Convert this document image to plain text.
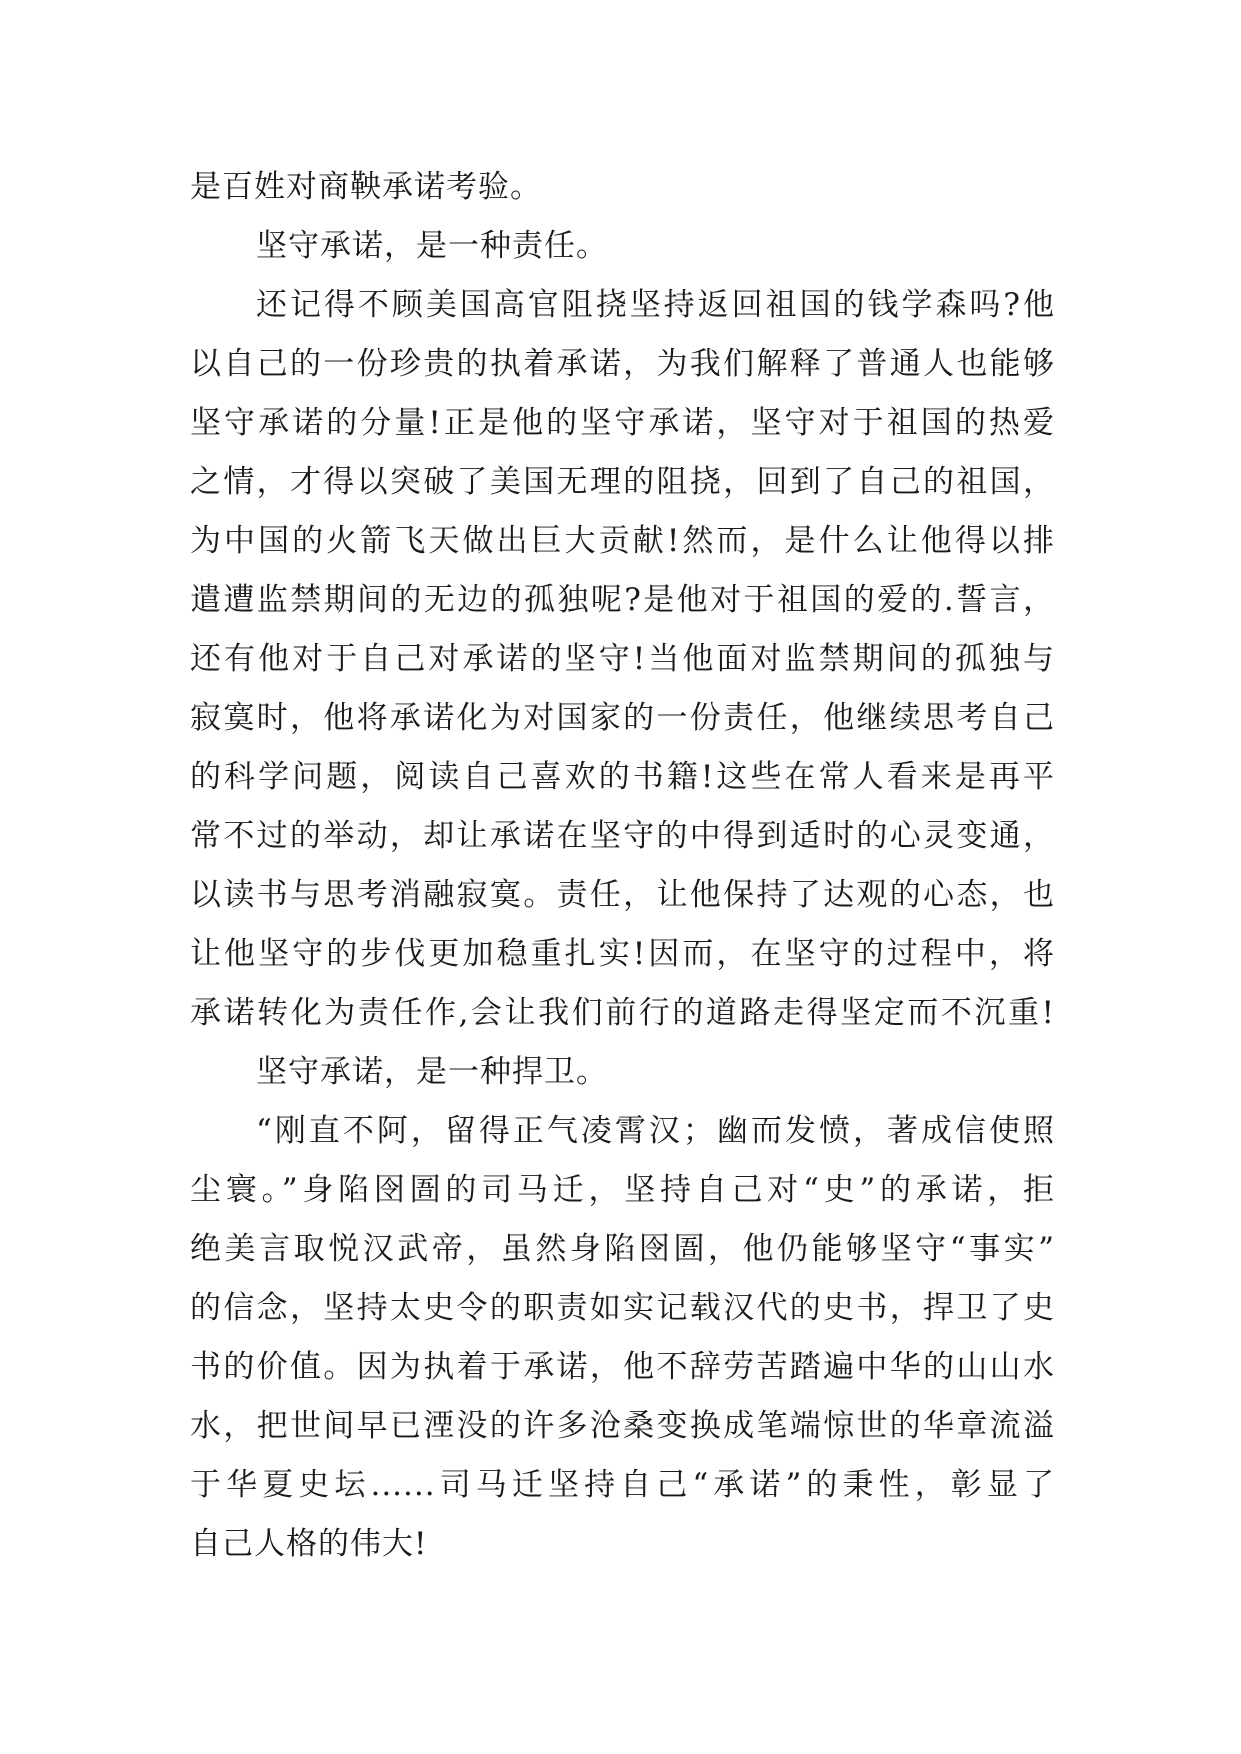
是百姓对商鞅承诺考验。
坚守承诺，是一种责任。
还记得不顾美国高官阻挠坚持返回祖国的钱学森吗?他
以自己的一份珍贵的执着承诺，为我们解释了普通人也能够
坚守承诺的分量!正是他的坚守承诺，坚守对于祖国的热爱
之情，才得以突破了美国无理的阻挠，回到了自己的祖国，
为中国的火箭飞天做出巨大贡献!然而，是什么让他得以排
遣遭监禁期间的无边的孤独呢?是他对于祖国的爱的.誓言，
还有他对于自己对承诺的坚守!当他面对监禁期间的孤独与
寂寞时，他将承诺化为对国家的一份责任，他继续思考自己
的科学问题，阅读自己喜欢的书籍!这些在常人看来是再平
常不过的举动，却让承诺在坚守的中得到适时的心灵变通，
以读书与思考消融寂寞。责任，让他保持了达观的心态，也
让他坚守的步伐更加稳重扎实!因而，在坚守的过程中，将
承诺转化为责任作,会让我们前行的道路走得坚定而不沉重!
坚守承诺，是一种捍卫。
“刚直不阿，留得正气凌霄汉；幽而发愤，著成信使照
尘寰。”身陷囹圄的司马迁，坚持自己对“史”的承诺，拒
绝美言取悦汉武帝，虽然身陷囹圄，他仍能够坚守“事实”
的信念，坚持太史令的职责如实记载汉代的史书，捍卫了史
书的价值。因为执着于承诺，他不辞劳苦踏遍中华的山山水
水，把世间早已湮没的许多沧桑变换成笔端惊世的华章流溢
于华夏史坛......司马迁坚持自己“承诺”的秉性，彰显了
自己人格的伟大!
